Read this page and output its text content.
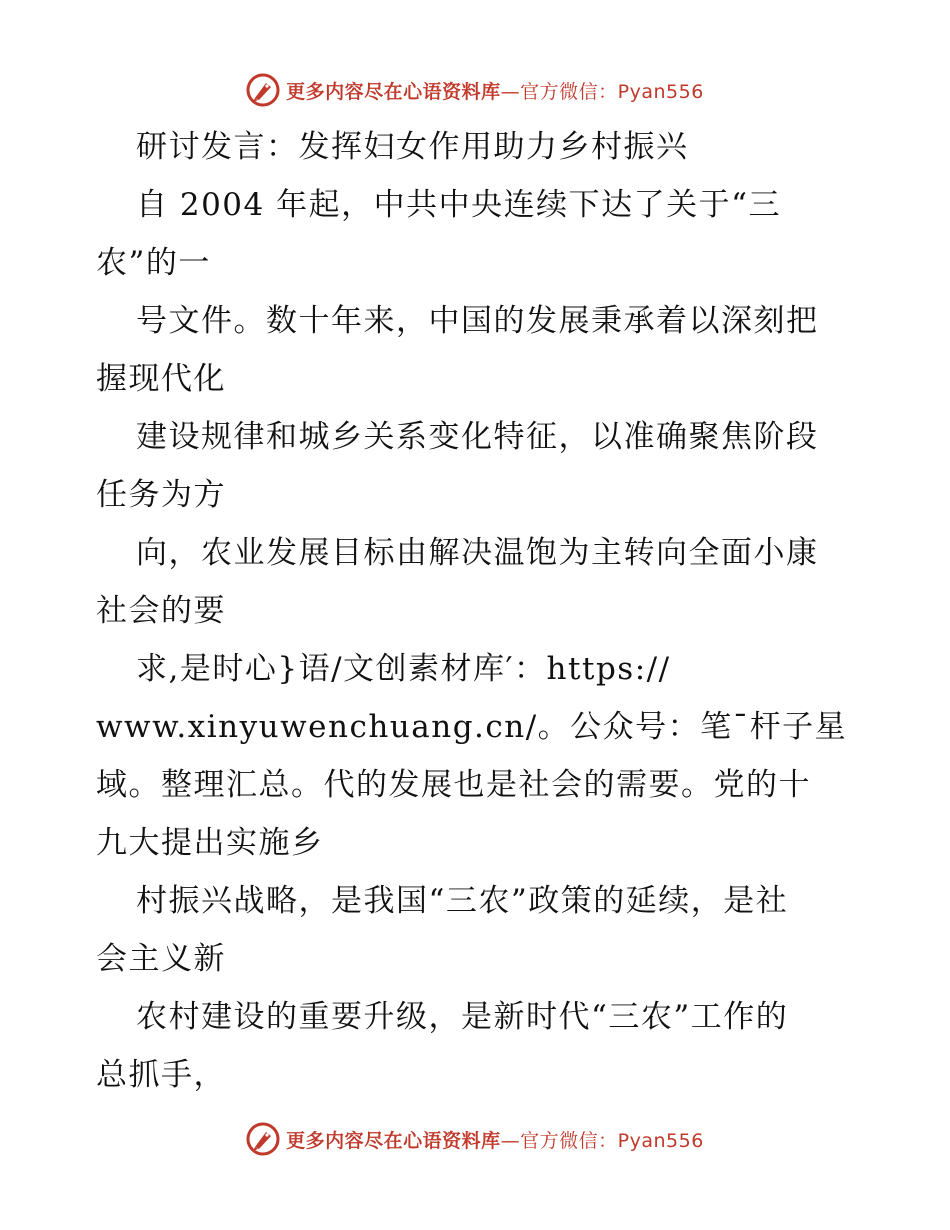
更多内容尽在心语资料库—官方微信：Pyan556
研讨发言：发挥妇女作用助力乡村振兴
自 2004 年起，中共中央连续下达了关于“三
农”的一
号文件。数十年来，中国的发展秉承着以深刻把
握现代化
建设规律和城乡关系变化特征，以准确聚焦阶段
任务为方
向，农业发展目标由解决温饱为主转向全面小康
社会的要
求,是时心}语/文创素材库′：https://
www.xinyuwenchuang.cn/。公众号：笔¯杆子星
域。整理汇总。代的发展也是社会的需要。党的十
九大提出实施乡
村振兴战略，是我国“三农”政策的延续，是社
会主义新
农村建设的重要升级，是新时代“三农”工作的
总抓手，
更多内容尽在心语资料库—官方微信：Pyan556
